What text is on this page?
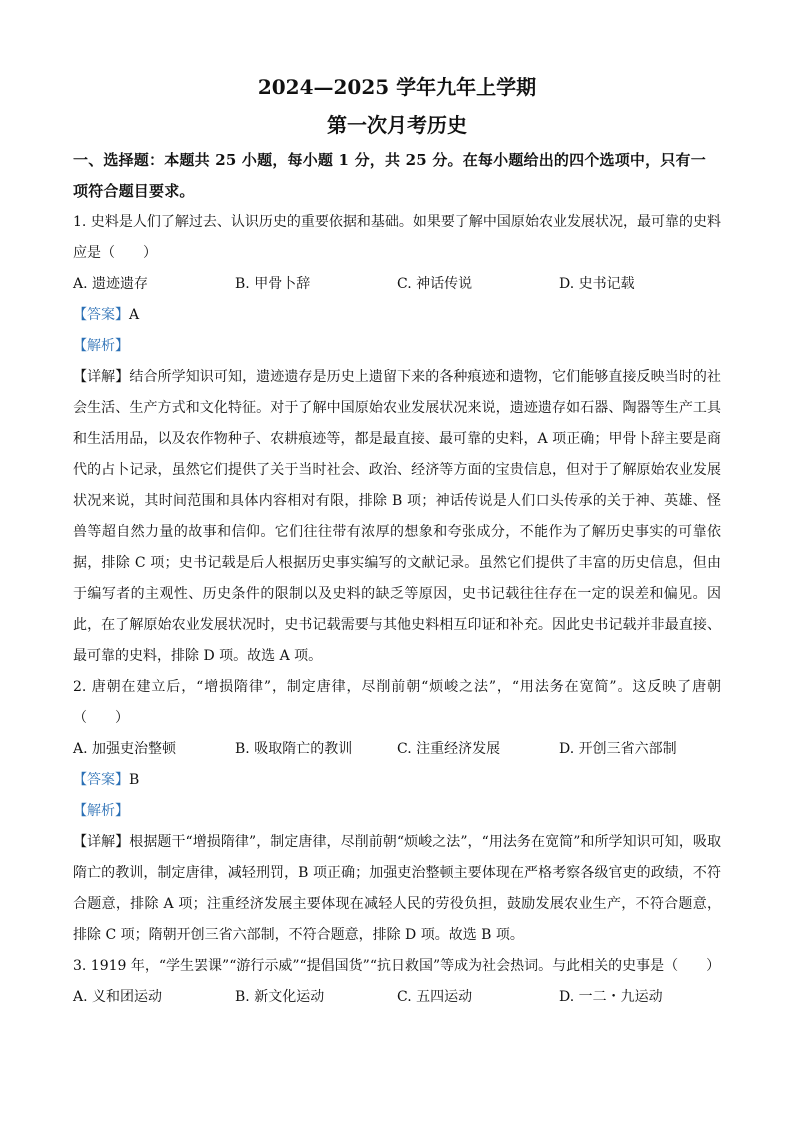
2024—2025 学年九年上学期
第一次月考历史
一、选择题：本题共 25 小题，每小题 1 分，共 25 分。在每小题给出的四个选项中，只有一项符合题目要求。

1. 史料是人们了解过去、认识历史的重要依据和基础。如果要了解中国原始农业发展状况，最可靠的史料应是（　　）

A. 遗迹遗存	B. 甲骨卜辞	C. 神话传说	D. 史书记载

【答案】A

【解析】

【详解】结合所学知识可知，遗迹遗存是历史上遗留下来的各种痕迹和遗物，它们能够直接反映当时的社会生活、生产方式和文化特征。对于了解中国原始农业发展状况来说，遗迹遗存如石器、陶器等生产工具和生活用品，以及农作物种子、农耕痕迹等，都是最直接、最可靠的史料，A 项正确；甲骨卜辞主要是商代的占卜记录，虽然它们提供了关于当时社会、政治、经济等方面的宝贵信息，但对于了解原始农业发展状况来说，其时间范围和具体内容相对有限，排除 B 项；神话传说是人们口头传承的关于神、英雄、怪兽等超自然力量的故事和信仰。它们往往带有浓厚的想象和夸张成分，不能作为了解历史事实的可靠依据，排除 C 项；史书记载是后人根据历史事实编写的文献记录。虽然它们提供了丰富的历史信息，但由于编写者的主观性、历史条件的限制以及史料的缺乏等原因，史书记载往往存在一定的误差和偏见。因此，在了解原始农业发展状况时，史书记载需要与其他史料相互印证和补充。因此史书记载并非最直接、最可靠的史料，排除 D 项。故选 A 项。

2. 唐朝在建立后，“增损隋律”，制定唐律，尽削前朝“烦峻之法”，“用法务在宽简”。这反映了唐朝（　　）

A. 加强吏治整顿	B. 吸取隋亡的教训	C. 注重经济发展	D. 开创三省六部制

【答案】B

【解析】

【详解】根据题干“增损隋律”，制定唐律，尽削前朝“烦峻之法”，“用法务在宽简”和所学知识可知，吸取隋亡的教训，制定唐律，减轻刑罚，B 项正确；加强吏治整顿主要体现在严格考察各级官吏的政绩，不符合题意，排除 A 项；注重经济发展主要体现在减轻人民的劳役负担，鼓励发展农业生产，不符合题意，排除 C 项；隋朝开创三省六部制，不符合题意，排除 D 项。故选 B 项。

3. 1919 年，“学生罢课”“游行示威”“提倡国货”“抗日救国”等成为社会热词。与此相关的史事是（　　）

A. 义和团运动	B. 新文化运动	C. 五四运动	D. 一二・九运动
